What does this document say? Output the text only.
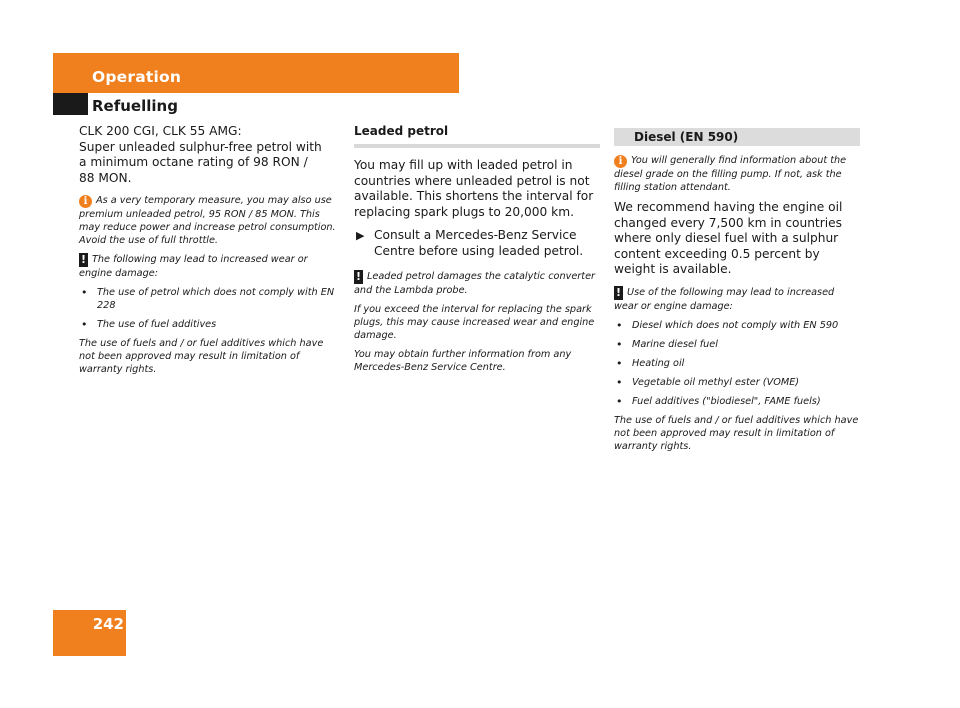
Operation
Refuelling

CLK 200 CGI, CLK 55 AMG:
Super unleaded sulphur-free petrol with
a minimum octane rating of 98 RON /
88 MON.

i As a very temporary measure, you may also use premium unleaded petrol, 95 RON / 85 MON. This may reduce power and increase petrol consumption. Avoid the use of full throttle.

! The following may lead to increased wear or engine damage:

• The use of petrol which does not comply with EN 228
• The use of fuel additives

The use of fuels and / or fuel additives which have not been approved may result in limitation of warranty rights.

Leaded petrol

You may fill up with leaded petrol in countries where unleaded petrol is not available. This shortens the interval for replacing spark plugs to 20,000 km.

▶ Consult a Mercedes-Benz Service Centre before using leaded petrol.

! Leaded petrol damages the catalytic converter and the Lambda probe.

If you exceed the interval for replacing the spark plugs, this may cause increased wear and engine damage.

You may obtain further information from any Mercedes-Benz Service Centre.

Diesel (EN 590)

i You will generally find information about the diesel grade on the filling pump. If not, ask the filling station attendant.

We recommend having the engine oil changed every 7,500 km in countries where only diesel fuel with a sulphur content exceeding 0.5 percent by weight is available.

! Use of the following may lead to increased wear or engine damage:

• Diesel which does not comply with EN 590
• Marine diesel fuel
• Heating oil
• Vegetable oil methyl ester (VOME)
• Fuel additives ("biodiesel", FAME fuels)

The use of fuels and / or fuel additives which have not been approved may result in limitation of warranty rights.

242
